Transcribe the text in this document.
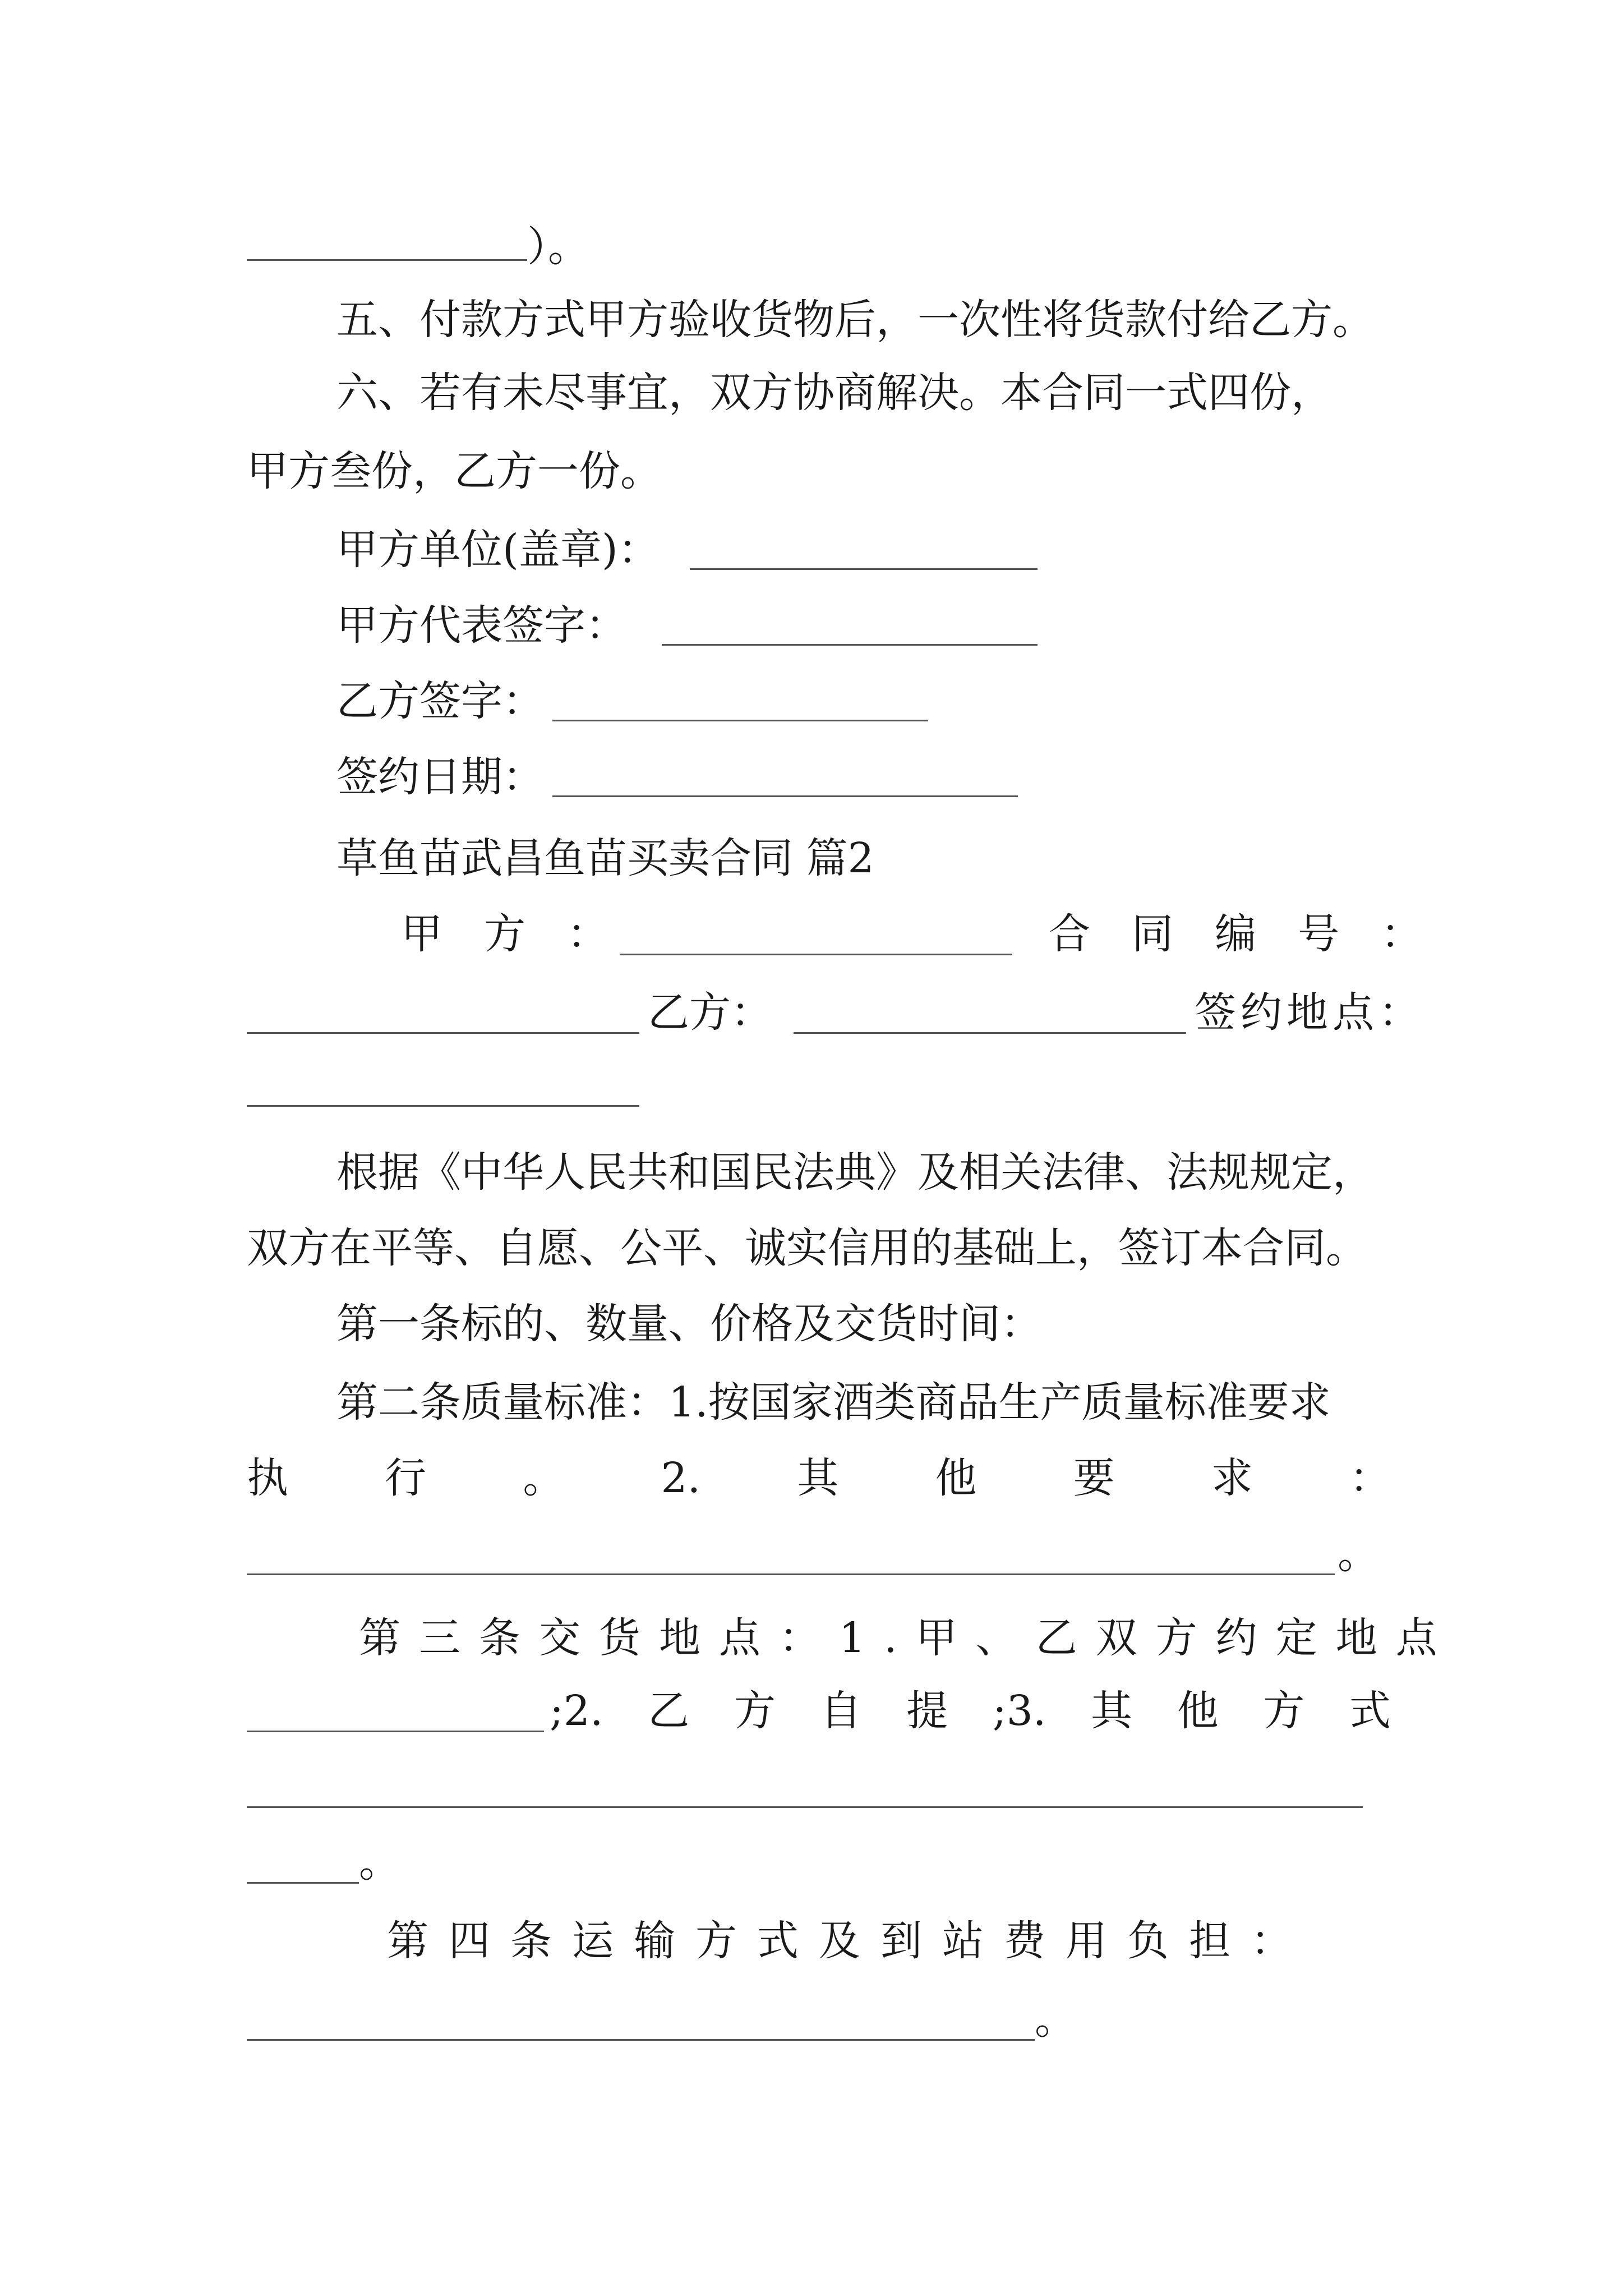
）。
五、付款方式甲方验收货物后，一次性将货款付给乙方。
六、若有未尽事宜，双方协商解决。本合同一式四份，
甲方叁份，乙方一份。
甲方单位(盖章)：
甲方代表签字：
乙方签字：
签约日期：
草鱼苗武昌鱼苗买卖合同 篇2
甲　方　：	合　同　编　号　：
乙方：	签约地点：
根据《中华人民共和国民法典》及相关法律、法规规定，
双方在平等、自愿、公平、诚实信用的基础上，签订本合同。
第一条标的、数量、价格及交货时间：
第二条质量标准：1.按国家酒类商品生产质量标准要求
执 行 。 2. 其 他 要 求 ：
。
第三条交货地点：1.甲、乙双方约定地点
;2. 乙 方 自 提 ;3. 其 他 方 式
。
第四条运输方式及到站费用负担：
。
